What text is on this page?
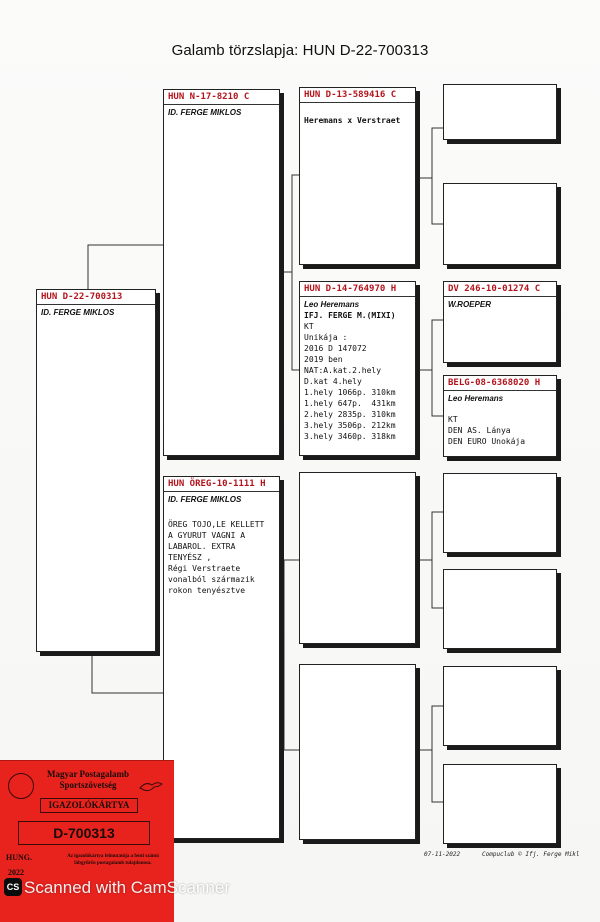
Galamb törzslapja: HUN D-22-700313
HUN D-22-700313
ID. FERGE MIKLOS
HUN N-17-8210 C
ID. FERGE MIKLOS
HUN ÖREG-10-1111 H
ID. FERGE MIKLOS
ÖREG TOJO,LE KELLETT
A GYURUT VAGNI A
LABAROL. EXTRA
TENYÉSZ ,
Régi Verstraete
vonalból származik
rokon tenyésztve
HUN D-13-589416 C
Heremans x Verstraet
HUN D-14-764970 H
Leo Heremans
IFJ. FERGE M.(MIXI)
KT
Unikája :
2016 D 147072
2019 ben
NAT:A.kat.2.hely
D.kat 4.hely
1.hely 1066p. 310km
1.hely 647p.  431km
2.hely 2835p. 310km
3.hely 3506p. 212km
3.hely 3460p. 318km
DV 246-10-01274 C
W.ROEPER
BELG-08-6368020 H
Leo Heremans
KT
DEN AS. Lánya
DEN EURO Unokája
07-11-2022	Compuclub © Ifj. Ferge Mikl
Magyar Postagalamb Sportszövetség
IGAZOLÓKÁRTYA
D-700313
HUNG.
2022
Az igazolókártya felmutatója a fenti számú lábgyűrűs postagalamb tulajdonosa.
CS Scanned with CamScanner
